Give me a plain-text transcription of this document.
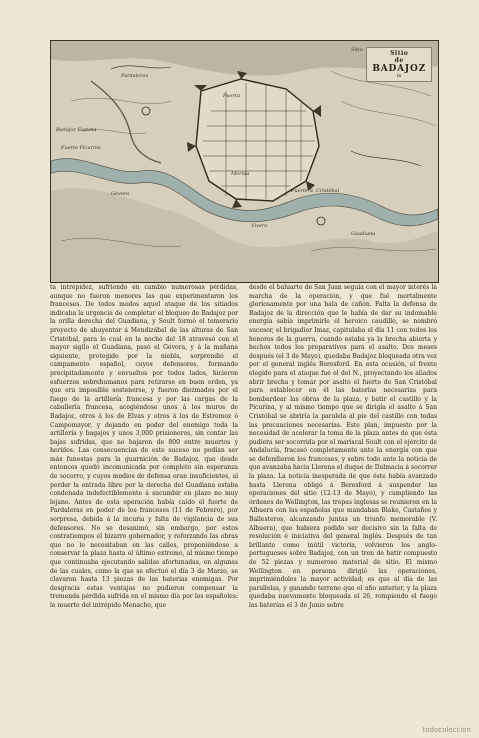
Sitio
de
BADAJOZ
m
Pardaleras
Badajoz Espuna
Fuerte Picurina
Puerta
Mérida
Fuerte S. Cristóbal
Sitio
Gevora
Guadiana
Vivero

ta intrépidez, sufriendo en cambio numerosas pérdidas, aunque no fueron menores las que experimentaron los franceses. De todos modos aquel ataque de los sitiados indicaba la urgencia de completar el bloqueo de Badajoz por la orilla derecha del Guadiana, y Soult formó el temerario proyecto de ahuyentar á Mendizábal de las alturas de San Cristóbal, para lo cual en la noche del 18 atravesó con el mayor sigilo el Guadiana, pasó el Gévora, y á la mañana siguiente, protegido por la niebla, sorprendió el campamento español, cuyos defensores, formando precipitadamente y envueltos por todos lados, hicieron esfuerzos sobrehumanos para retirarse en buen orden, ya que era imposible sostenerse, y fueron diezmados por el fuego de la artillería francesa y por las cargas de la caballería francesa, acogiéndose unos á los muros de Badajoz, otros á los de Elvas y otros á los de Estremoz ó Campomayor, y dejando en poder del enemigo toda la artillería y bagajes y unos 3,000 prisioneros, sin contar las bajas sufridas, que no bajaron de 800 entre muertos y heridos. Las consecuencias de este suceso no podían ser más funestas para la guarnición de Badajoz, que desde entonces quedó incomunicada por completo sin esperanza de socorro, y cuyos medios de defensa eran insuficientes, al perder la entrada libre por la derecha del Guadiana estaba condenada indefectiblemente á sucumbir en plazo no muy lejano. Antes de esta operación había caído el fuerte de Pardaleras en poder de los franceses (11 de Febrero), por sorpresa, debida á la incuria y falta de vigilancia de sus defensores. No se desanimó, sin embargo, por estos contratiempos el bizarro gobernador, y reforzando las obras que no le necesitaban en las calles, proponiéndose a conservar la plaza hasta el último extremo, al mismo tiempo que continuaba ejecutando salidas afortunadas, en algunas de las cuales, como la que se efectuó el día 3 de Marzo, se clavaron hasta 13 piezas de las baterías enemigas. Por desgracia estas ventajas no pudieron compensar la tremenda pérdida sufrida en el mismo día por los españoles: la muerte del intrépido Menacho, que

desde el baluarte de San Juan seguía con el mayor interés la marcha de la operación, y que fué mortalmente gloriosamente por una bala de cañón. Falta la defensa de Badajoz de la dirección que le había de dar su indomable energía sabía imprimirle el heroico caudillo, se nombró sucesor, el brigadier Imaz, capitulaba el día 11 con todos los honores de la guerra, cuando estaba ya la brecha abierta y hechos todos los preparativos para el asalto. Dos meses después (el 3 de Mayo), quedaba Badajoz bloqueada otra vez por el general inglés Beresford. En esta ocasión, el frente elegido para el ataque fué el del N., proyectando los aliados abrir brecha y tomar por asalto el fuerte de San Cristóbal para establecer en él las baterías necesarias para bombardear las obras de la plaza, y batir el castillo y la Picurina, y al mismo tiempo que se dirigía el asalto á San Cristóbal se abriría la paralela al pie del castillo con todas las precauciones necesarias. Este plan, impuesto por la necesidad de acelerar la toma de la plaza antes de que ésta pudiera ser socorrida por el mariscal Soult con el ejército de Andalucía, fracasó completamente ante la energía con que se defendieron los franceses, y sobre todo ante la noticia de que avanzaba hacia Llerena el duque de Dalmacia á socorrer la plaza. La noticia inesperada de que éste había avanzado hasta Llerena obligó á Beresford á suspender las operaciones del sitio (12-13 de Mayo), y cumpliendo las órdenes de Wellington, las tropas inglesas se reunieron en la Albuera con las españolas que mandaban Blake, Castaños y Ballesteros, alcanzando juntas un triunfo memorable (V. Albuera), que hubiera podido ser decisivo sin la falta de resolución é iniciativa del general inglés. Después de tan brillante como inútil victoria, volvieron los anglo-portugueses sobre Badajoz, con un tren de batir compuesto de 52 piezas y numeroso material de sitio. El mismo Wellington en persona dirigió las operaciones, imprimiéndoles la mayor actividad; es que al día de las parallelas, y ganando terreno que el año anterior, y la plaza quedaba nuevamente bloqueada el 26, rompiendo el fuego las baterías el 3 de Junio sobre

todocoleccion
